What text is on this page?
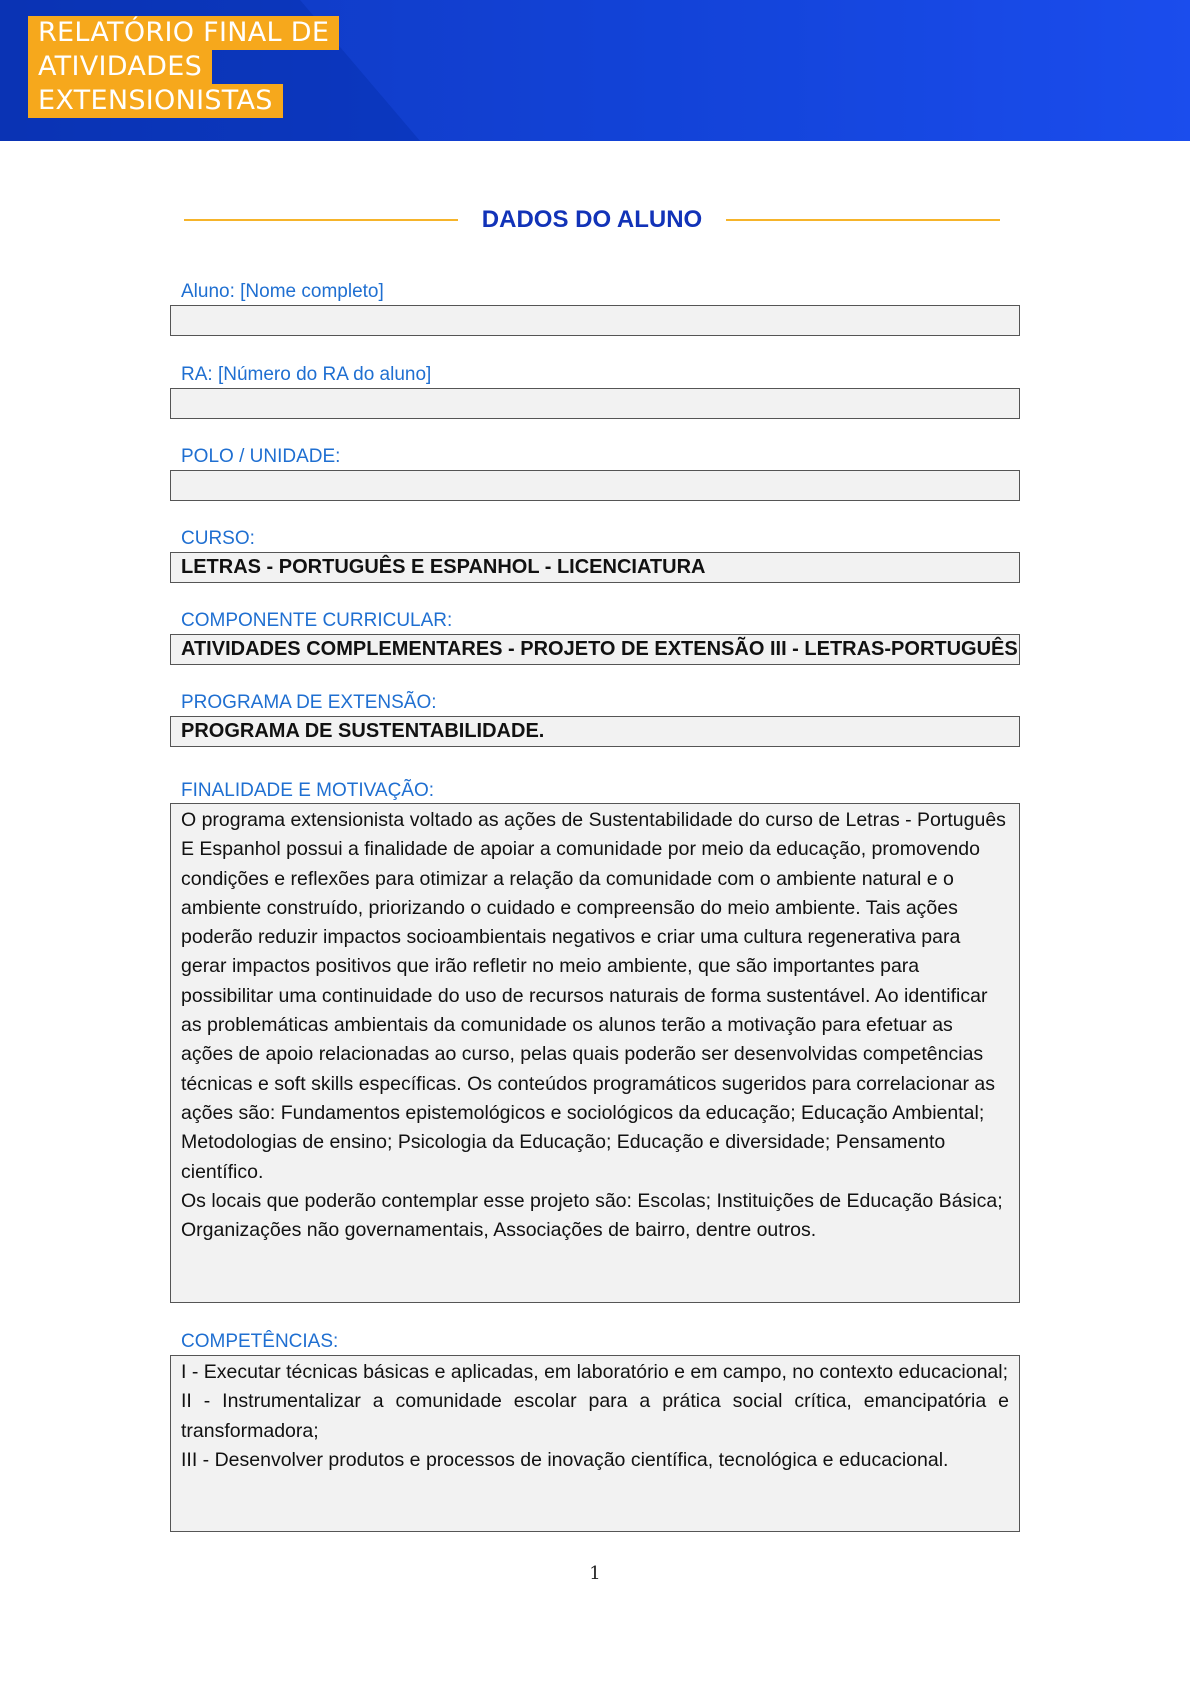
RELATÓRIO FINAL DE
ATIVIDADES
EXTENSIONISTAS
DADOS DO ALUNO
Aluno: [Nome completo]
RA: [Número do RA do aluno]
POLO / UNIDADE:
CURSO:
LETRAS - PORTUGUÊS E ESPANHOL - LICENCIATURA
COMPONENTE CURRICULAR:
ATIVIDADES COMPLEMENTARES - PROJETO DE EXTENSÃO III - LETRAS-PORTUGUÊS
PROGRAMA DE EXTENSÃO:
PROGRAMA DE SUSTENTABILIDADE.
FINALIDADE E MOTIVAÇÃO:

O programa extensionista voltado as ações de Sustentabilidade do curso de Letras - Português E Espanhol possui a finalidade de apoiar a comunidade por meio da educação, promovendo condições e reflexões para otimizar a relação da comunidade com o ambiente natural e o ambiente construído, priorizando o cuidado e compreensão do meio ambiente. Tais ações poderão reduzir impactos socioambientais negativos e criar uma cultura regenerativa para gerar impactos positivos que irão refletir no meio ambiente, que são importantes para possibilitar uma continuidade do uso de recursos naturais de forma sustentável. Ao identificar as problemáticas ambientais da comunidade os alunos terão a motivação para efetuar as ações de apoio relacionadas ao curso, pelas quais poderão ser desenvolvidas competências técnicas e soft skills específicas. Os conteúdos programáticos sugeridos para correlacionar as ações são: Fundamentos epistemológicos e sociológicos da educação; Educação Ambiental; Metodologias de ensino; Psicologia da Educação; Educação e diversidade; Pensamento científico.

Os locais que poderão contemplar esse projeto são: Escolas; Instituições de Educação Básica; Organizações não governamentais, Associações de bairro, dentre outros.

COMPETÊNCIAS:

I - Executar técnicas básicas e aplicadas, em laboratório e em campo, no contexto educacional;

II - Instrumentalizar a comunidade escolar para a prática social crítica, emancipatória e transformadora;

III - Desenvolver produtos e processos de inovação científica, tecnológica e educacional.

1
